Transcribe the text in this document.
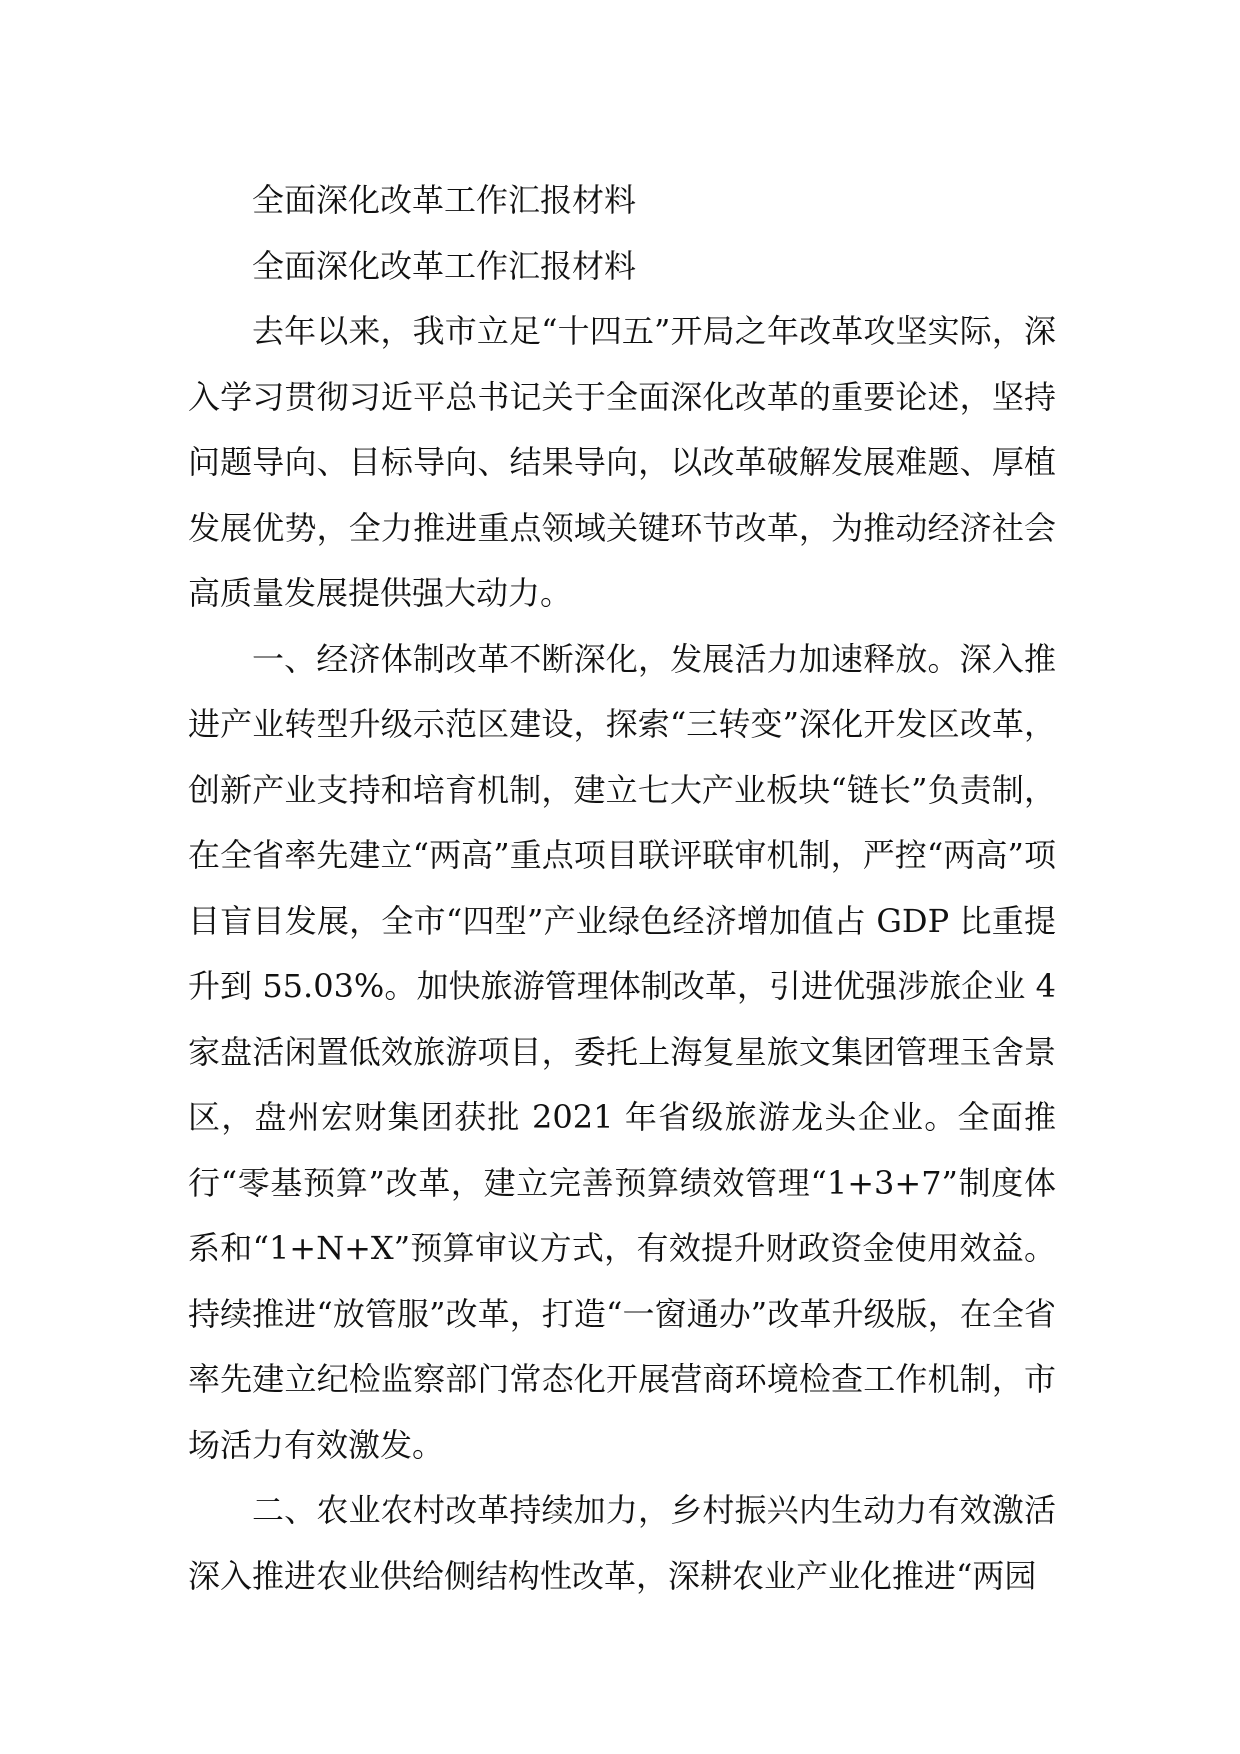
全面深化改革工作汇报材料

全面深化改革工作汇报材料

去年以来，我市立足“十四五”开局之年改革攻坚实际，深入学习贯彻习近平总书记关于全面深化改革的重要论述，坚持问题导向、目标导向、结果导向，以改革破解发展难题、厚植发展优势，全力推进重点领域关键环节改革，为推动经济社会高质量发展提供强大动力。

一、经济体制改革不断深化，发展活力加速释放。深入推进产业转型升级示范区建设，探索“三转变”深化开发区改革，创新产业支持和培育机制，建立七大产业板块“链长”负责制，在全省率先建立“两高”重点项目联评联审机制，严控“两高”项目盲目发展，全市“四型”产业绿色经济增加值占 GDP 比重提升到 55.03%。加快旅游管理体制改革，引进优强涉旅企业 4 家盘活闲置低效旅游项目，委托上海复星旅文集团管理玉舍景区，盘州宏财集团获批 2021 年省级旅游龙头企业。全面推行“零基预算”改革，建立完善预算绩效管理“1+3+7”制度体系和“1+N+X”预算审议方式，有效提升财政资金使用效益。持续推进“放管服”改革，打造“一窗通办”改革升级版，在全省率先建立纪检监察部门常态化开展营商环境检查工作机制，市场活力有效激发。

二、农业农村改革持续加力，乡村振兴内生动力有效激活深入推进农业供给侧结构性改革，深耕农业产业化推进“两园
